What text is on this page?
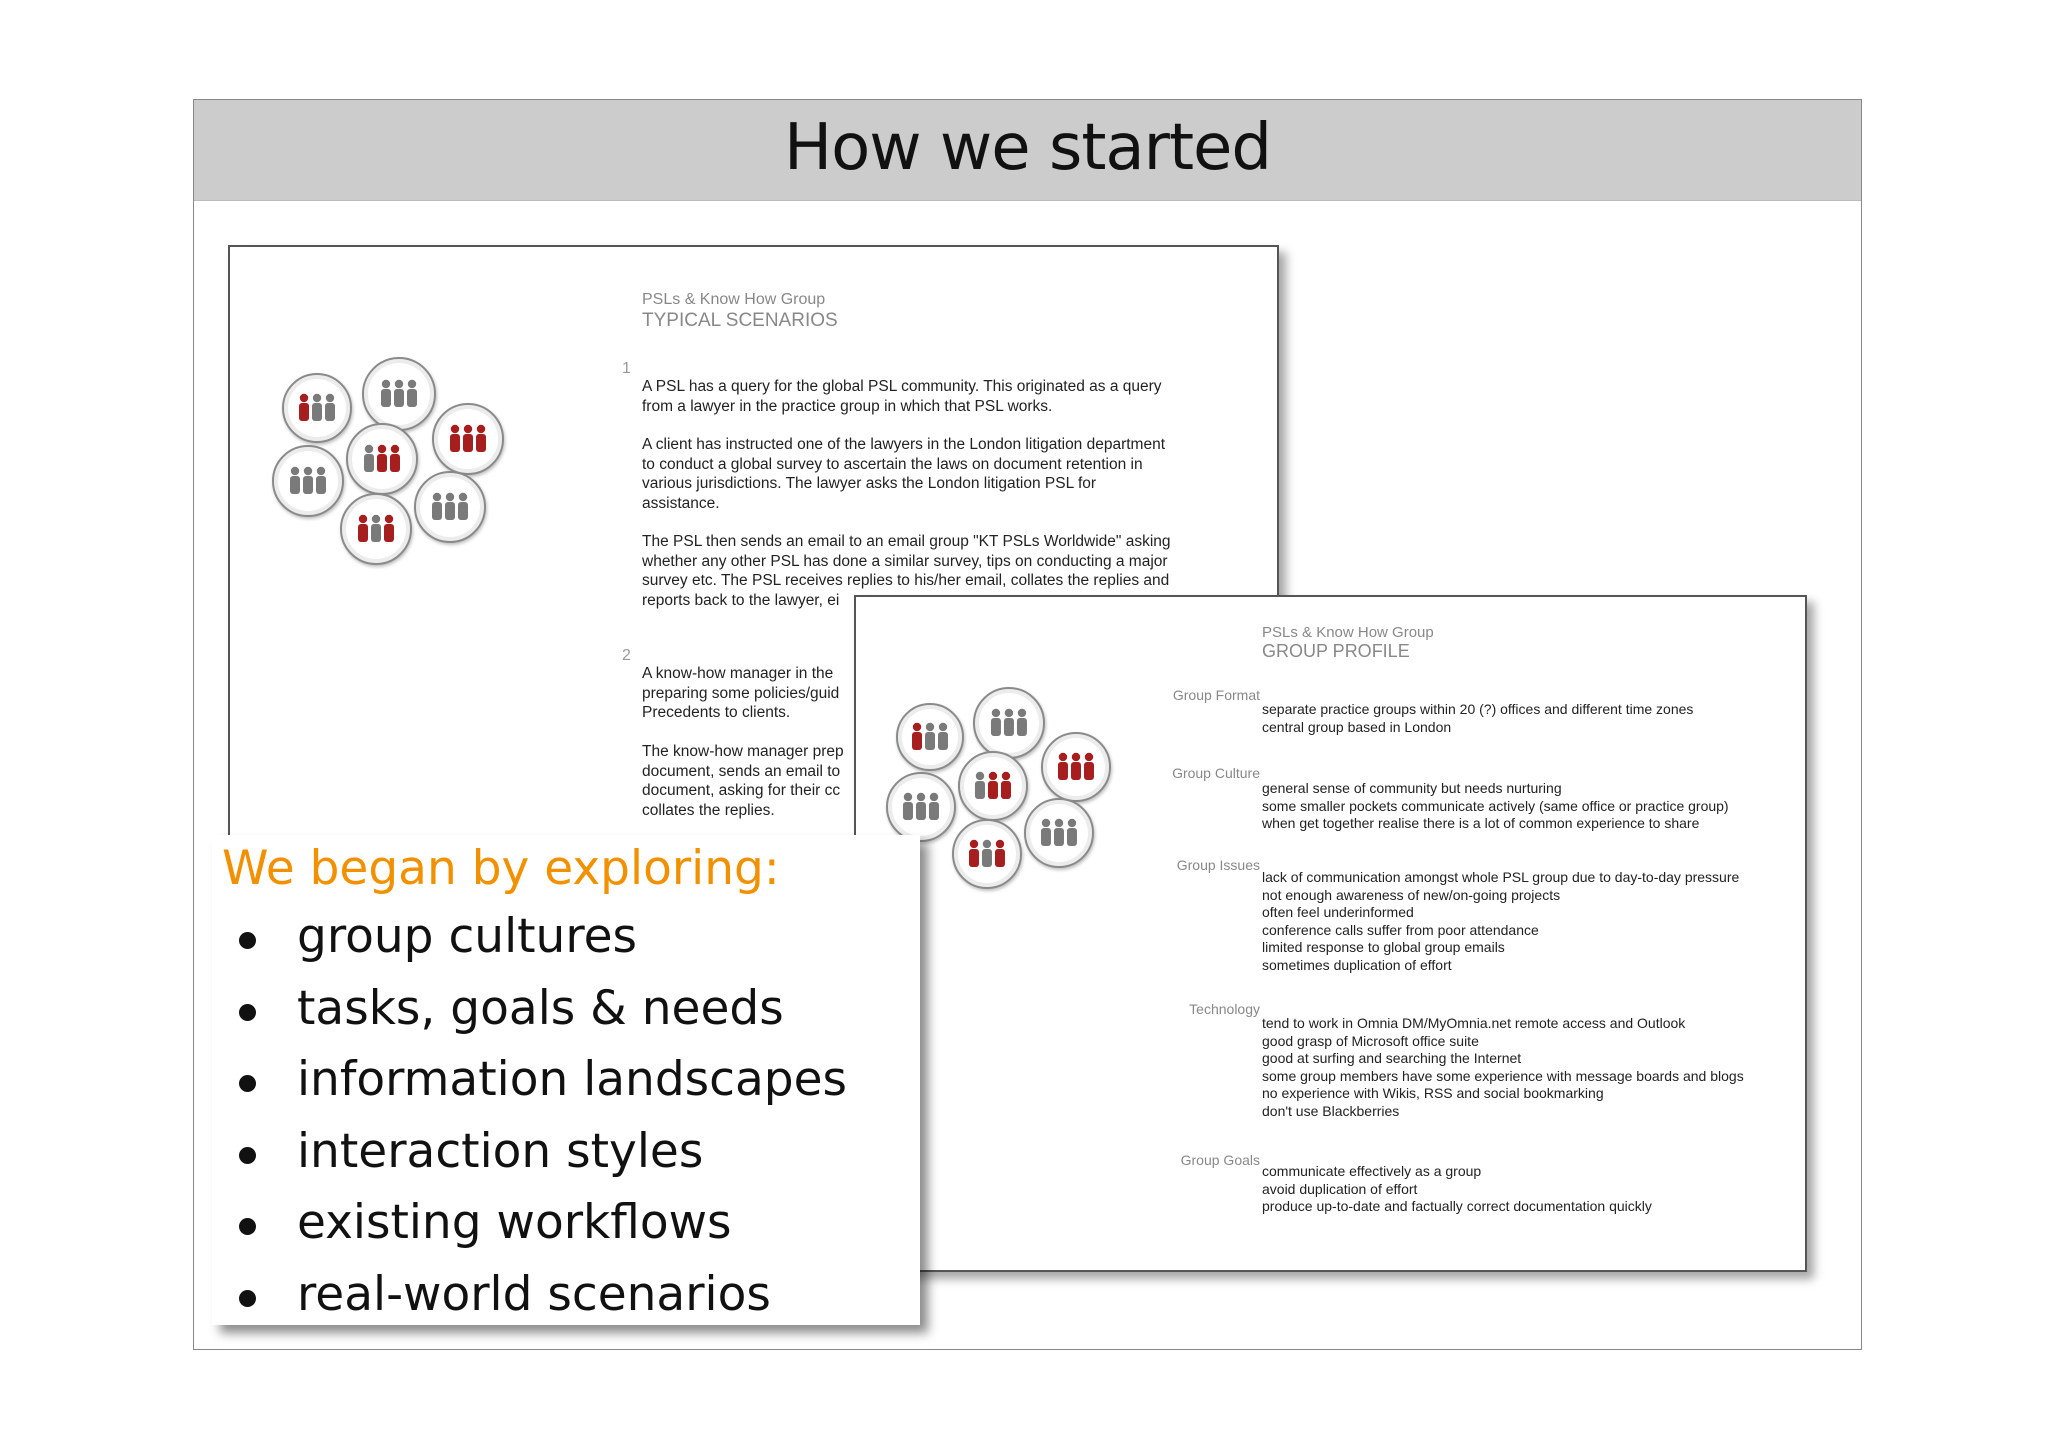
How we started
PSLs & Know How Group
TYPICAL SCENARIOS
1
A PSL has a query for the global PSL community. This originated as a query
from a lawyer in the practice group in which that PSL works.
A client has instructed one of the lawyers in the London litigation department
to conduct a global survey to ascertain the laws on document retention in
various jurisdictions. The lawyer asks the London litigation PSL for
assistance.
The PSL then sends an email to an email group "KT PSLs Worldwide" asking
whether any other PSL has done a similar survey, tips on conducting a major
survey etc. The PSL receives replies to his/her email, collates the replies and
reports back to the lawyer, ei
2
A know-how manager in the
preparing some policies/guid
Precedents to clients.
The know-how manager prep
document, sends an email to
document, asking for their cc
collates the replies.
PSLs & Know How Group
GROUP PROFILE
Group Format
separate practice groups within 20 (?) offices and different time zones
central group based in London
Group Culture
general sense of community but needs nurturing
some smaller pockets communicate actively (same office or practice group)
when get together realise there is a lot of common experience to share
Group Issues
lack of communication amongst whole PSL group due to day-to-day pressure
not enough awareness of new/on-going projects
often feel underinformed
conference calls suffer from poor attendance
limited response to global group emails
sometimes duplication of effort
Technology
tend to work in Omnia DM/MyOmnia.net remote access and Outlook
good grasp of Microsoft office suite
good at surfing and searching the Internet
some group members have some experience with message boards and blogs
no experience with Wikis, RSS and social bookmarking
don't use Blackberries
Group Goals
communicate effectively as a group
avoid duplication of effort
produce up-to-date and factually correct documentation quickly
We began by exploring:
group cultures
tasks, goals & needs
information landscapes
interaction styles
existing workflows
real-world scenarios
